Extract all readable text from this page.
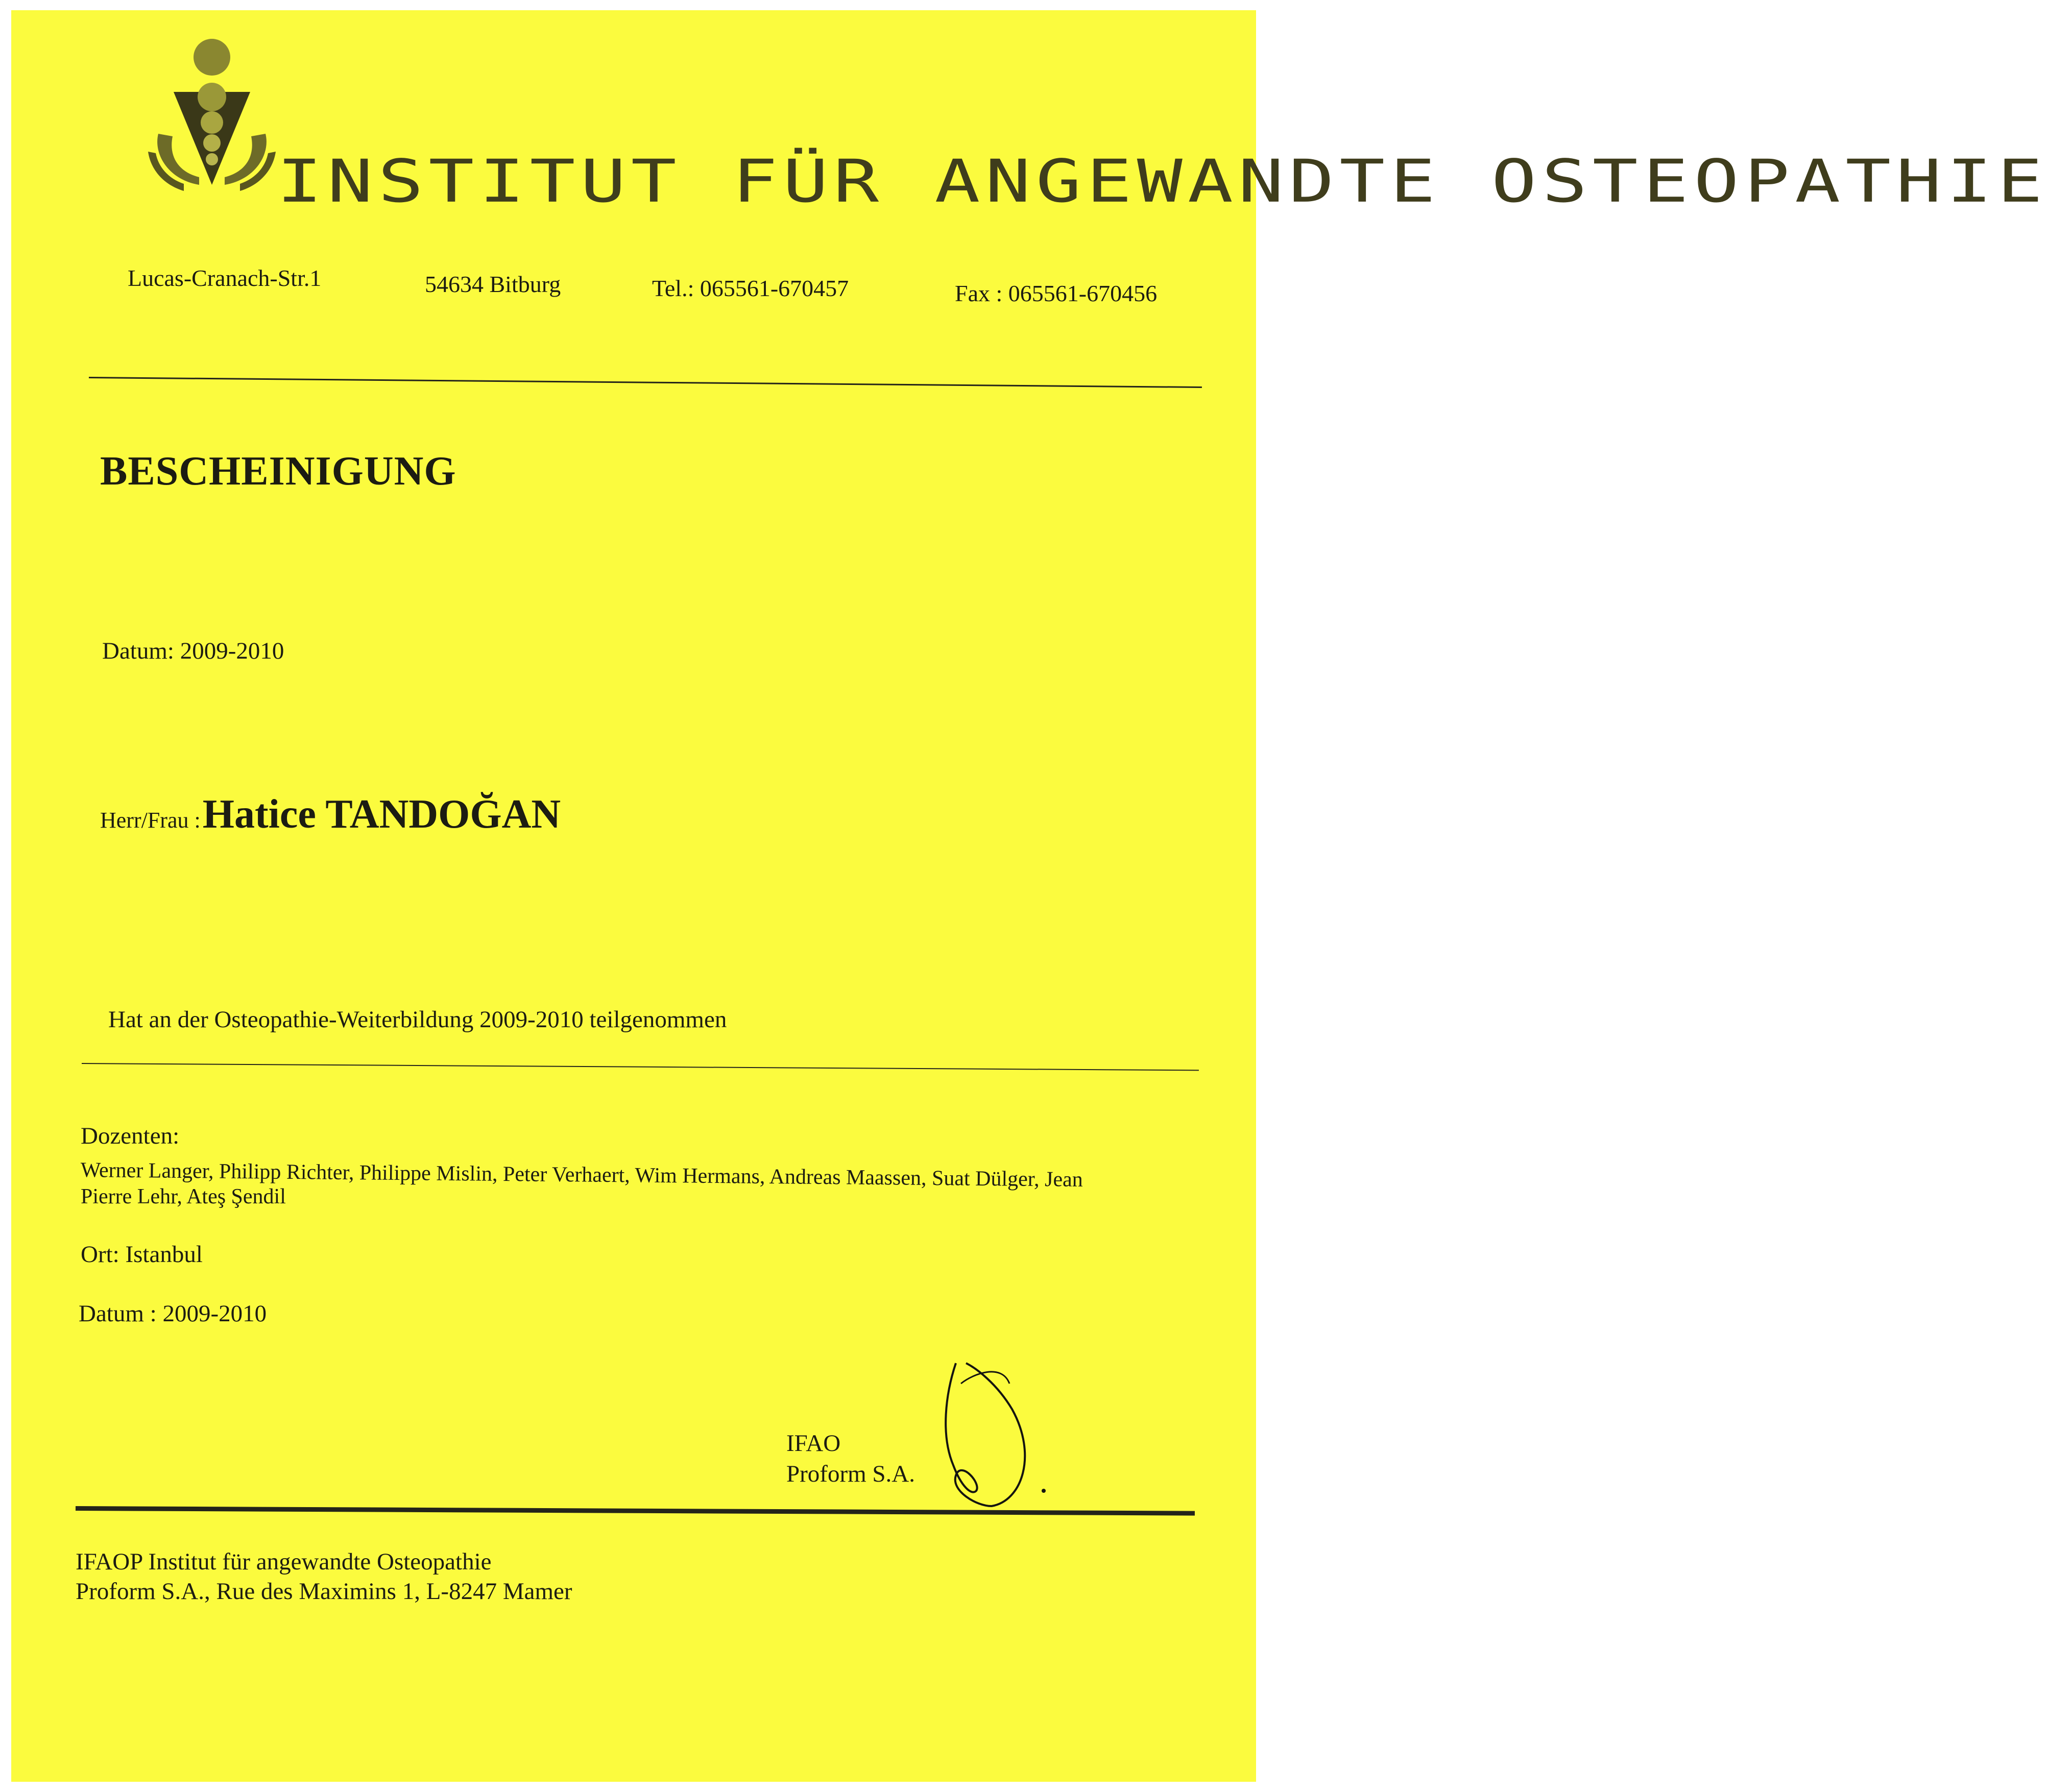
INSTITUT FÜR ANGEWANDTE OSTEOPATHIE
Lucas-Cranach-Str.1	54634 Bitburg	Tel.: 065561-670457	Fax : 065561-670456
BESCHEINIGUNG
Datum: 2009-2010
Herr/Frau : Hatice TANDOĞAN
Hat an der Osteopathie-Weiterbildung 2009-2010 teilgenommen
Dozenten:
Werner Langer, Philipp Richter, Philippe Mislin, Peter Verhaert, Wim Hermans, Andreas Maassen, Suat Dülger, Jean
Pierre Lehr, Ateş Şendil
Ort: Istanbul
Datum : 2009-2010
IFAO
Proform S.A.
IFAOP Institut für angewandte Osteopathie
Proform S.A., Rue des Maximins 1, L-8247 Mamer
